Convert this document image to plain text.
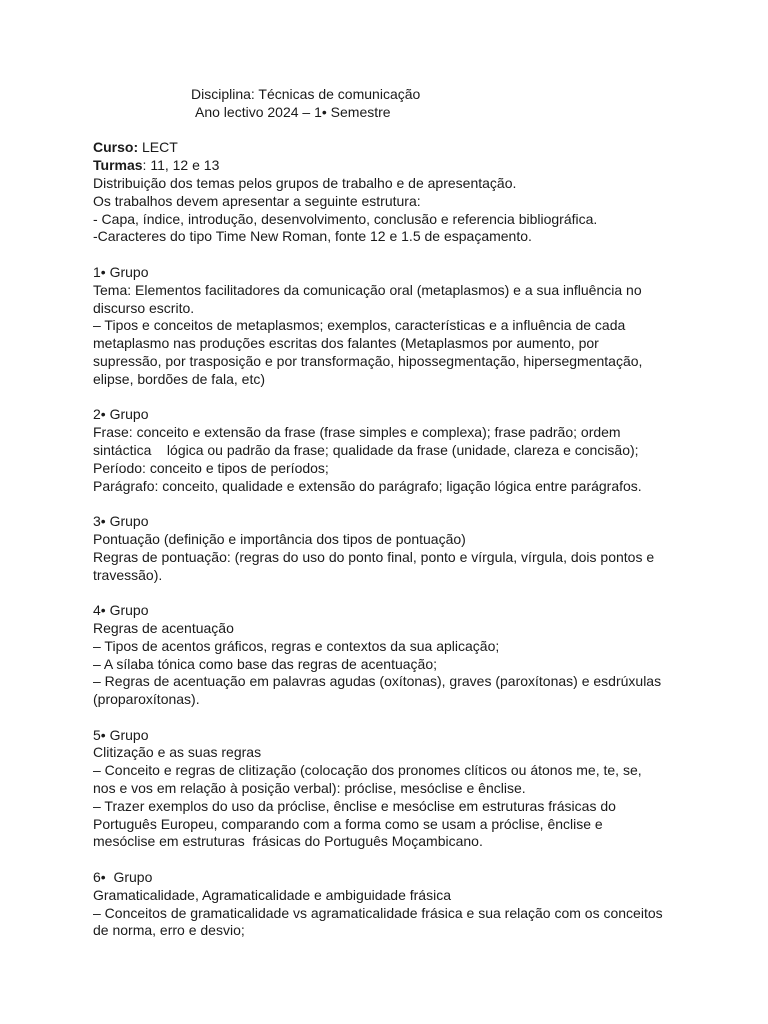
Disciplina: Técnicas de comunicação
Ano lectivo 2024 – 1• Semestre
Curso: LECT
Turmas: 11, 12 e 13
Distribuição dos temas pelos grupos de trabalho e de apresentação.
Os trabalhos devem apresentar a seguinte estrutura:
- Capa, índice, introdução, desenvolvimento, conclusão e referencia bibliográfica.
-Caracteres do tipo Time New Roman, fonte 12 e 1.5 de espaçamento.
1• Grupo
Tema: Elementos facilitadores da comunicação oral (metaplasmos) e a sua influência no
discurso escrito.
– Tipos e conceitos de metaplasmos; exemplos, características e a influência de cada
metaplasmo nas produções escritas dos falantes (Metaplasmos por aumento, por
supressão, por trasposição e por transformação, hipossegmentação, hipersegmentação,
elipse, bordões de fala, etc)
2• Grupo
Frase: conceito e extensão da frase (frase simples e complexa); frase padrão; ordem
sintáctica    lógica ou padrão da frase; qualidade da frase (unidade, clareza e concisão);
Período: conceito e tipos de períodos;
Parágrafo: conceito, qualidade e extensão do parágrafo; ligação lógica entre parágrafos.
3• Grupo
Pontuação (definição e importância dos tipos de pontuação)
Regras de pontuação: (regras do uso do ponto final, ponto e vírgula, vírgula, dois pontos e
travessão).
4• Grupo
Regras de acentuação
– Tipos de acentos gráficos, regras e contextos da sua aplicação;
– A sílaba tónica como base das regras de acentuação;
– Regras de acentuação em palavras agudas (oxítonas), graves (paroxítonas) e esdrúxulas
(proparoxítonas).
5• Grupo
Clitização e as suas regras
– Conceito e regras de clitização (colocação dos pronomes clíticos ou átonos me, te, se,
nos e vos em relação à posição verbal): próclise, mesóclise e ênclise.
– Trazer exemplos do uso da próclise, ênclise e mesóclise em estruturas frásicas do
Português Europeu, comparando com a forma como se usam a próclise, ênclise e
mesóclise em estruturas  frásicas do Português Moçambicano.
6•  Grupo
Gramaticalidade, Agramaticalidade e ambiguidade frásica
– Conceitos de gramaticalidade vs agramaticalidade frásica e sua relação com os conceitos
de norma, erro e desvio;
